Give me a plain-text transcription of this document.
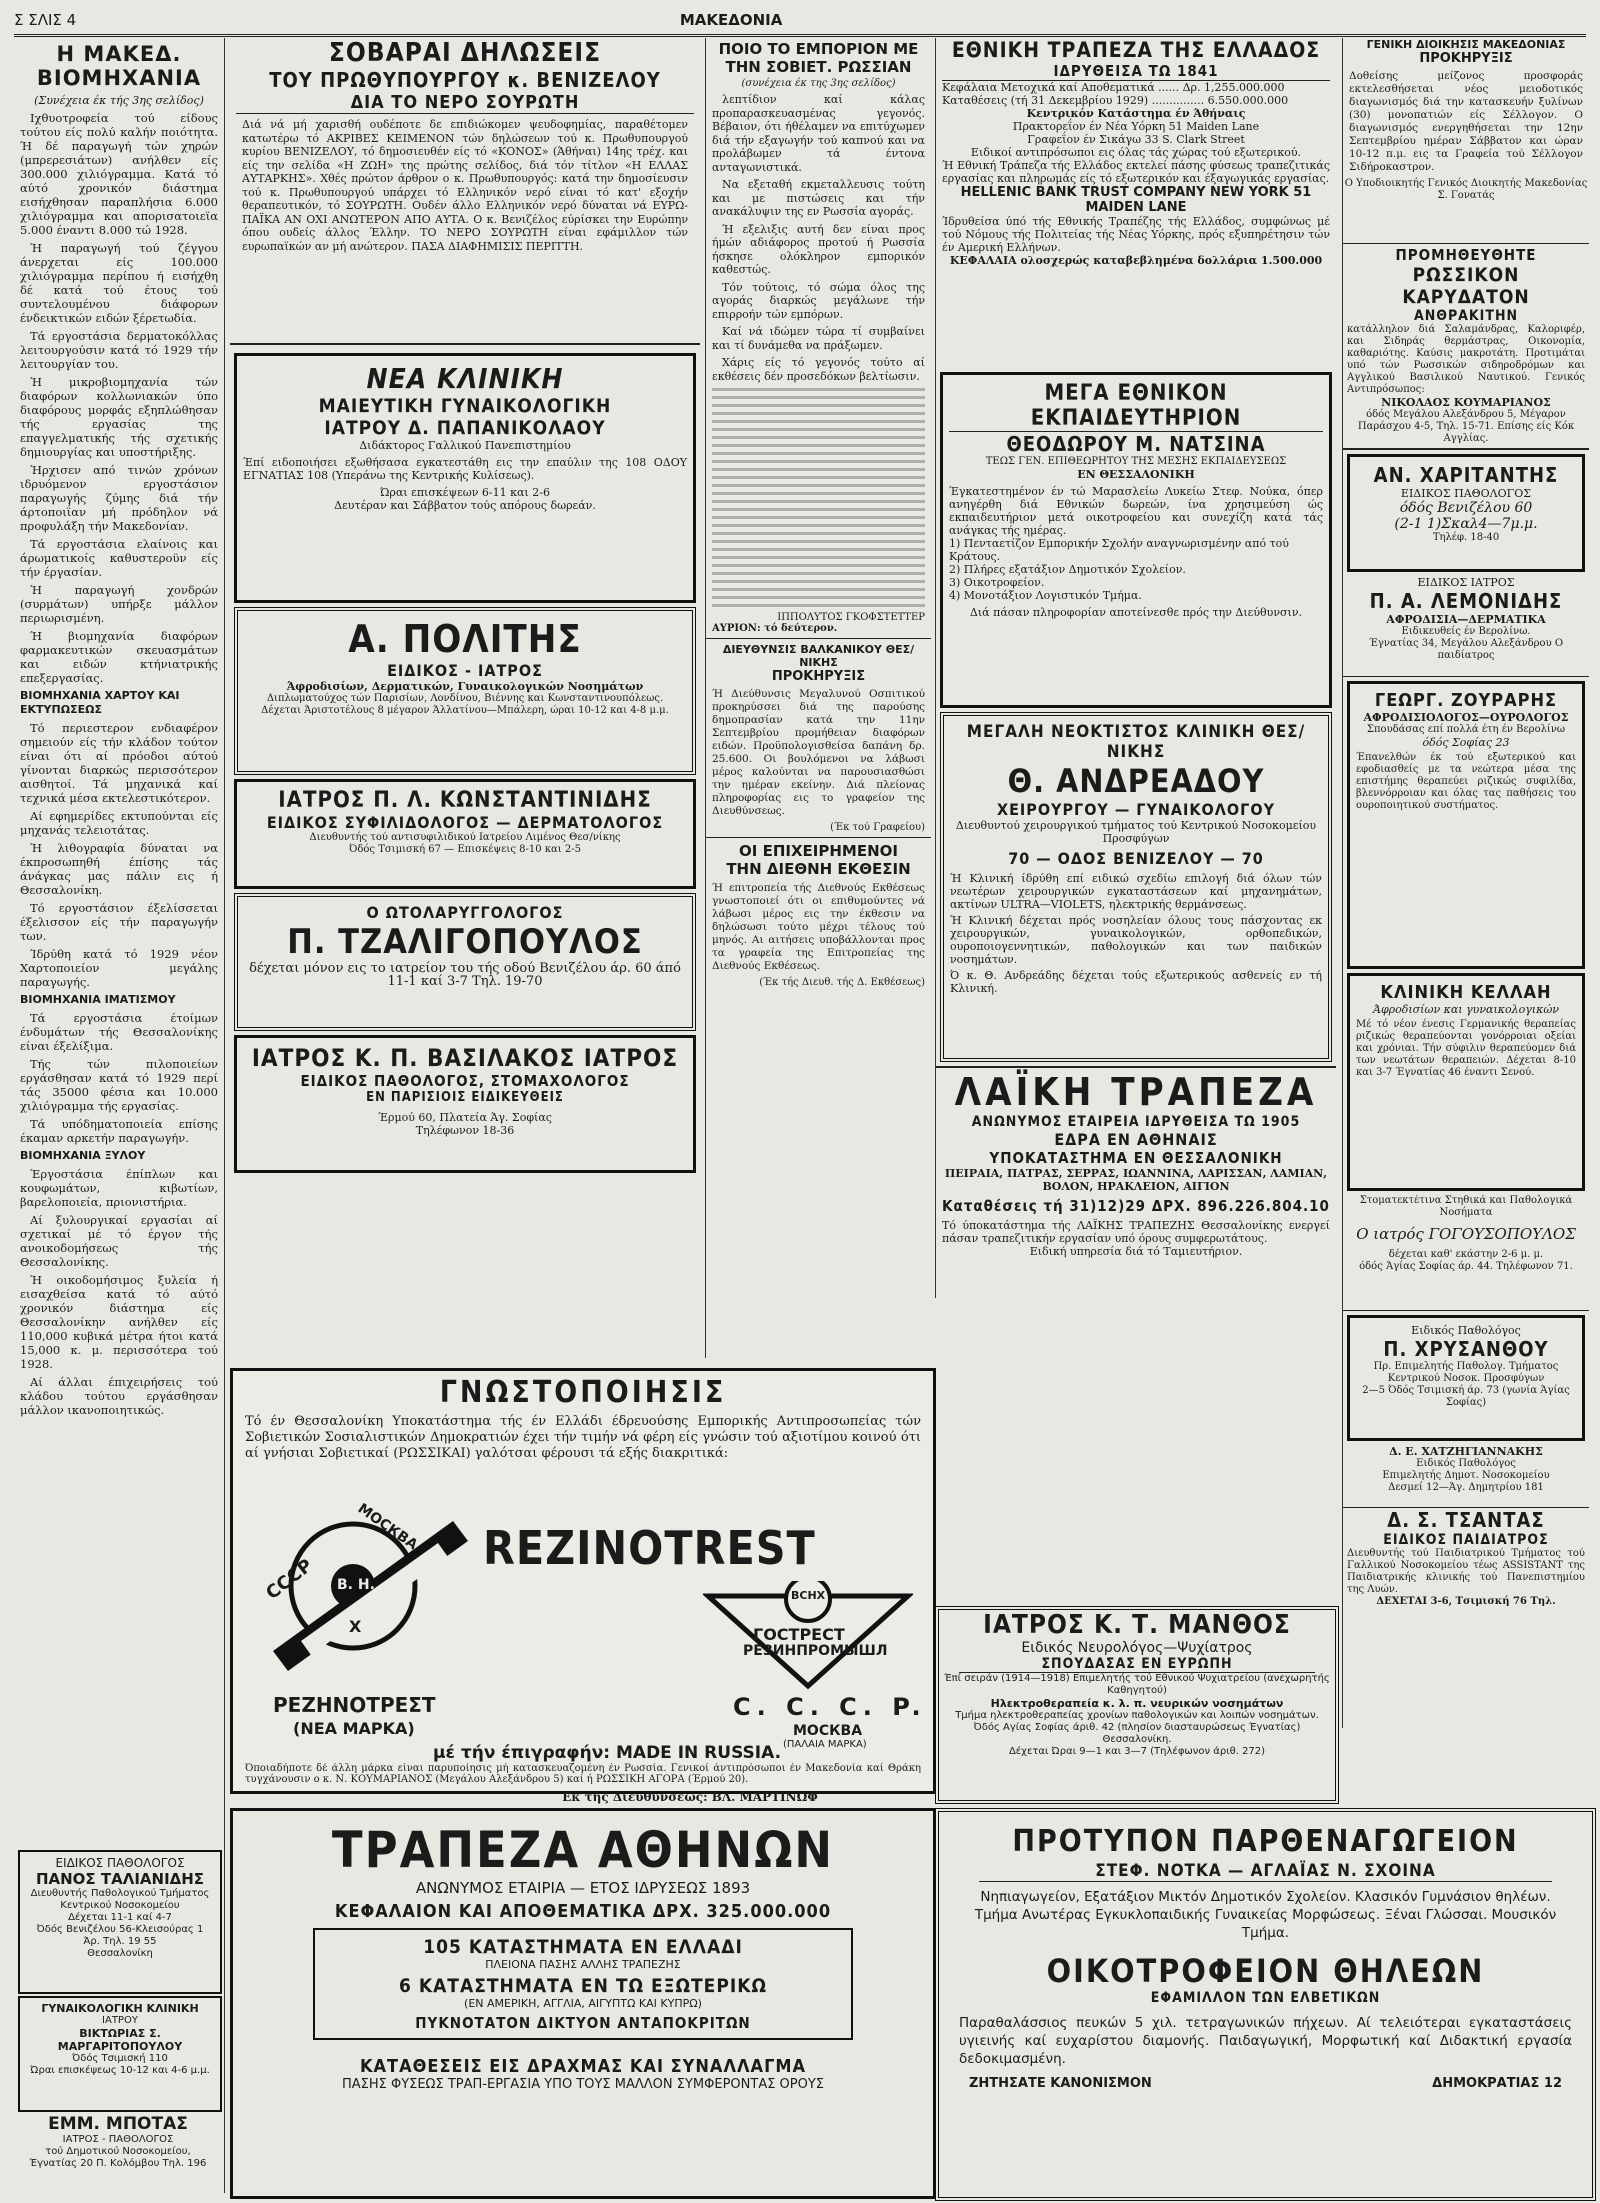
Σ ΣΛΙΣ 4	ΜΑΚΕΔΟΝΙΑ
Η ΜΑΚΕΔ. ΒΙΟΜΗΧΑΝΙΑ
(Συνέχεια έκ τής 3ης σελίδος)

Ιχθυοτροφεία τού είδους τούτου είς πολύ καλήν ποιότητα. Ή δέ παραγωγή τών χηρών (μπρερεσιάτων) ανήλθεν είς 300.000 χιλιόγραμμα. Κατά τό αύτό χρονικόν διάστημα εισήχθησαν παραπλήσια 6.000 χιλιόγραμμα και απορισατοιεϊα 5.000 έναντι 8.000 τώ 1928.

Ή παραγωγή τού ζέγγου άνερχεται είς 100.000 χιλιόγραμμα περίπου ή εισήχθη δέ κατά τού έτους τού συντελουμένου διάφορων ένδεικτικών ειδών ξέρετωδία.

Τά εργοστάσια δερματοκόλλας λειτουργούσιν κατά τό 1929 τήν λειτουργίαν του.

Ή μικροβιομηχανία τών διαφόρων κολλωνιακών ύπο διαφόρους μορφάς εξηπλώθησαν τής εργασίας της επαγγελματικής τής σχετικής δημιουργίας και υποστήριξης.

Ήρχισεν από τινών χρόνων ιδρυόμενον εργοστάσιον παραγωγής ζύμης διά τήν άρτοποιΐαν μή πρόδηλον νά προφυλάξη τήν Μακεδονίαν.

Τά εργοστάσια ελαίνοις και άρωματικοίς καθυστεροϋν είς τήν έργασίαν.

Ή παραγωγή χονδρών (συρμάτων) υπήρξε μάλλον περιωρισμένη.

Ή βιομηχανία διαφόρων φαρμακευτικών σκευασμάτων και ειδών κτήνιατρικής επεξεργασίας.

ΒΙΟΜΗΧΑΝΙΑ ΧΑΡΤΟΥ ΚΑΙ ΕΚΤΥΠΩΣΕΩΣ

Τό περιεστερον ενδιαφέρον σημειούν είς τήν κλάδον τούτον είναι ότι αί πρόοδοι αύτού γίνονται διαρκώς περισσότερον αισθητοί. Τά μηχανικά καί τεχνικά μέσα εκτελεστικότερον.

Αί εφημερίδες εκτυπούνται είς μηχανάς τελειοτάτας.

Ή λιθογραφία δύναται να έκπροσωπηθή έπίσης τάς άνάγκας μας πάλιν εις ή Θεσσαλονίκη.

Τό εργοστάσιον έξελίσσεται έξελισσον είς τήν παραγωγήν των.

Ίδρύθη κατά τό 1929 νέον Χαρτοποιείον μεγάλης παραγωγής.

ΒΙΟΜΗΧΑΝΙΑ ΙΜΑΤΙΣΜΟΥ

Τά εργοστάσια έτοίμων ένδυμάτων τής Θεσσαλονίκης είναι έξελίξιμα.

Τής τών πιλοποιείων εργάσθησαν κατά τό 1929 περί τάς 35000 φέσια και 10.000 χιλιόγραμμα τής εργασίας.

Τά υπόδηματοποιεία επίσης έκαμαν αρκετήν παραγωγήν.

ΒΙΟΜΗΧΑΝΙΑ ΞΥΛΟΥ

Έργοστάσια έπίπλων και κουφωμάτων, κιβωτίων, βαρελοποιεία, πριονιστήρια.

Αί ξυλουργικαί εργασίαι αί σχετικαί μέ τό έργον τής ανοικοδομήσεως τής Θεσσαλονίκης.

Ή οικοδομήσιμος ξυλεία ή εισαχθείσα κατά τό αύτό χρονικόν διάστημα είς Θεσσαλονίκην ανήλθεν είς 110,000 κυβικά μέτρα ήτοι κατά 15,000 κ. μ. περισσότερα τού 1928.

Αί άλλαι έπιχειρήσεις τού κλάδου τούτου εργάσθησαν μάλλον ικανοποιητικώς.

ΕΙΔΙΚΟΣ ΠΑΘΟΛΟΓΟΣ
ΠΑΝΟΣ ΤΑΛΙΑΝΙΔΗΣ
Διευθυντής Παθολογικού Τμήματος Κεντρικού Νοσοκομείου
Δέχεται 11-1 καί 4-7
Όδός Βενιζέλου 56-Κλεισούρας 1
Άρ. Τηλ. 19 55
Θεσσαλονίκη
ΓΥΝΑΙΚΟΛΟΓΙΚΗ ΚΛΙΝΙΚΗ
ΙΑΤΡΟΥ
ΒΙΚΤΩΡΙΑΣ Σ. ΜΑΡΓΑΡΙΤΟΠΟΥΛΟΥ
Όδός Τσιμισκή 110
Ώραι επισκέψεως 10-12 και 4-6 μ.μ.
ΕΜΜ. ΜΠΟΤΑΣ
ΙΑΤΡΟΣ - ΠΑΘΟΛΟΓΟΣ
τού Δημοτικού Νοσοκομείου,
Έγνατίας 20 Π. Κολόμβου Τηλ. 196
ΣΟΒΑΡΑΙ ΔΗΛΩΣΕΙΣ
ΤΟΥ ΠΡΩΘΥΠΟΥΡΓΟΥ κ. ΒΕΝΙΖΕΛΟΥ
ΔΙΑ ΤΟ ΝΕΡΟ ΣΟΥΡΩΤΗ
Διά νά μή χαρισθή ουδέποτε δε επιδιώκομεν ψευδοφημίας, παραθέτομεν κατωτέρω τό ΑΚΡΙΒΕΣ ΚΕΙΜΕΝΟΝ τών δηλώσεων τού κ. Πρωθυπουργού κυρίου ΒΕΝΙΖΕΛΟΥ, τό δημοσιευθέν είς τό «ΚΟΝΟΣ» (Άθήναι) 14ης τρέχ. και είς την σελίδα «Η ΖΩΗ» της πρώτης σελίδος, διά τόν τίτλον «Η ΕΛΛΑΣ ΑΥΤΑΡΚΗΣ». Χθές πρώτον άρθρον ο κ. Πρωθυπουργός: κατά την δημοσίευσιν τού κ. Πρωθυπουργού υπάρχει τό Ελληνικόν νερό είναι τό κατ' εξοχήν θεραπευτικόν, τό ΣΟΥΡΩΤΗ. Ουδέν άλλο Ελληνικόν νερό δύναται νά ΕΥΡΩ-ΠΑΪΚΑ ΑΝ ΟΧΙ ΑΝΩΤΕΡΟΝ ΑΠΟ ΑΥΤΑ. Ο κ. Βενιζέλος εύρίσκει την Ευρώπην όπου ουδείς άλλος Έλλην. ΤΟ ΝΕΡΟ ΣΟΥΡΩΤΗ είναι εφάμιλλον τών ευρωπαϊκών αν μή ανώτερον. ΠΑΣΑ ΔΙΑΦΗΜΙΣΙΣ ΠΕΡΙΤΤΗ.
ΝΕΑ ΚΛΙΝΙΚΗ
ΜΑΙΕΥΤΙΚΗ ΓΥΝΑΙΚΟΛΟΓΙΚΗ
ΙΑΤΡΟΥ Δ. ΠΑΠΑΝΙΚΟΛΑΟΥ
Διδάκτορος Γαλλικού Πανεπιστημίου
Έπί ειδοποιήσει εξωθήσασα εγκατεστάθη εις την επαύλιν της 108 ΟΔΟΥ ΕΓΝΑΤΙΑΣ 108 (Υπεράνω της Κεντρικής Κυλίσεως).
Ώραι επισκέψεων 6-11 και 2-6
Δευτέραν και Σάββατον τούς απόρους δωρεάν.
Α. ΠΟΛΙΤΗΣ
ΕΙΔΙΚΟΣ - ΙΑΤΡΟΣ
Άφροδισίων, Δερματικών, Γυναικολογικών Νοσημάτων
Διπλωματούχος τών Παρισίων, Λονδίνου, Βιέννης και Κωνσταντινουπόλεως.
Δέχεται Άριστοτέλους 8 μέγαρον Άλλατίνου—Μπάλερη, ώραι 10-12 και 4-8 μ.μ.
ΙΑΤΡΟΣ Π. Λ. ΚΩΝΣΤΑΝΤΙΝΙΔΗΣ
ΕΙΔΙΚΟΣ ΣΥΦΙΛΙΔΟΛΟΓΟΣ — ΔΕΡΜΑΤΟΛΟΓΟΣ
Διευθυντής τού αντισυφιλιδικού Ιατρείου Λιμένος Θεσ/νίκης
Όδός Τσιμισκή 67 — Επισκέψεις 8-10 και 2-5
Ο ΩΤΟΛΑΡΥΓΓΟΛΟΓΟΣ
Π. ΤΖΑΛΙΓΟΠΟΥΛΟΣ
δέχεται μόνον εις το ιατρείον του τής οδού Βενιζέλου άρ. 60 άπό 11-1 καί 3-7 Τηλ. 19-70
ΙΑΤΡΟΣ Κ. Π. ΒΑΣΙΛΑΚΟΣ ΙΑΤΡΟΣ
ΕΙΔΙΚΟΣ ΠΑΘΟΛΟΓΟΣ, ΣΤΟΜΑΧΟΛΟΓΟΣ
ΕΝ ΠΑΡΙΣΙΟΙΣ ΕΙΔΙΚΕΥΘΕΙΣ
Έρμού 60, Πλατεία Άγ. Σοφίας
Τηλέφωνον 18-36
ΠΟΙΟ ΤΟ ΕΜΠΟΡΙΟΝ ΜΕ ΤΗΝ ΣΟΒΙΕΤ. ΡΩΣΣΙΑΝ
(συνέχεια έκ της 3ης σελίδος)

λεπτίδιον καί κάλας προπαρασκευασμένας γεγονός. Βέβαιον, ότι ήθέλαμεν να επιτύχωμεν διά τήν εξαγωγήν τού καπνού και να προλάβωμεν τά έντονα ανταγωνιστικά.

Να εξεταθή εκμεταλλευσις τούτη και με πιστώσεις και τήν ανακάλυψιν της εν Ρωσσία αγοράς.

Ή εξελιξις αυτή δεν είναι προς ήμών αδιάφορος προτού ή Ρωσσία ήσκησε ολόκληρον εμπορικόν καθεστώς.

Τόν τούτοις, τό σώμα όλος της αγοράς διαρκώς μεγάλωνε τήν επιρροήν τών εμπόρων.

Καί νά ιδώμεν τώρα τί συμβαίνει και τί δυνάμεθα να πράξωμεν.

Χάρις είς τό γεγονός τούτο αί εκθέσεις δέν προσεδόκων βελτίωσιν.

ΙΠΠΟΛΥΤΟΣ ΓΚΟΦΣΤΕΤΤΕΡ
ΑΥΡΙΟΝ: τό δεύτερον.
ΔΙΕΥΘΥΝΣΙΣ ΒΑΛΚΑΝΙΚΟΥ ΘΕΣ/ΝΙΚΗΣ
ΠΡΟΚΗΡΥΞΙΣ
Ή Διεύθυνσις Μεγαλυνού Οσπιτικού προκηρύσσει διά της παρούσης δημοπρασίαν κατά την 11ην Σεπτεμβρίου προμήθειαν διαφόρων ειδών. Προϋπολογισθείσα δαπάνη δρ. 25.600. Οι βουλόμενοι να λάβωσι μέρος καλούνται να παρουσιασθώσι την ημέραν εκείνην. Διά πλείονας πληροφορίας εις το γραφείον της Διευθύνσεως.
(Έκ τού Γραφείου)
ΟΙ ΕΠΙΧΕΙΡΗΜΕΝΟΙ
ΤΗΝ ΔΙΕΘΝΗ ΕΚΘΕΣΙΝ
Ή επιτροπεία τής Διεθνούς Εκθέσεως γνωστοποιεί ότι οι επιθυμούντες νά λάβωσι μέρος εις την έκθεσιν να δηλώσωσι τούτο μέχρι τέλους τού μηνός. Αι αιτήσεις υποβάλλονται προς τα γραφεία της Επιτροπείας της Διεθνούς Εκθέσεως.
(Έκ τής Διευθ. τής Δ. Εκθέσεως)
ΕΘΝΙΚΗ ΤΡΑΠΕΖΑ ΤΗΣ ΕΛΛΑΔΟΣ
ΙΔΡΥΘΕΙΣΑ ΤΩ 1841
Κεφάλαια Μετοχικά καί Αποθεματικά ...... Δρ. 1,255.000.000
Καταθέσεις (τή 31 Δεκεμβρίου 1929) ............... 6.550.000.000
Κεντρικόν Κατάστημα έν Άθήναις
Πρακτορεΐον έν Νέα Υόρκη 51 Maiden Lane
Γραφεΐον έν Σικάγω 33 S. Clark Street
Ειδικοί αντιπρόσωποι εις όλας τάς χώρας τού εξωτερικού.
Ή Εθνική Τράπεζα τής Ελλάδος εκτελεί πάσης φύσεως τραπεζιτικάς εργασίας και πληρωμάς είς τό εξωτερικόν και έξαγωγικάς εργασίας.
HELLENIC BANK TRUST COMPANY NEW YORK 51 MAIDEN LANE
Ίδρυθείσα ύπό τής Εθνικής Τραπέζης τής Ελλάδος, συμφώνως μέ τού Νόμους τής Πολιτείας τής Νέας Υόρκης, πρός εξυπηρέτησιν τών έν Αμερική Ελλήνων.
ΚΕΦΑΛΑΙΑ ολοσχερώς καταβεβλημένα δολλάρια 1.500.000
ΜΕΓΑ ΕΘΝΙΚΟΝ ΕΚΠΑΙΔΕΥΤΗΡΙΟΝ
ΘΕΟΔΩΡΟΥ Μ. ΝΑΤΣΙΝΑ
ΤΕΩΣ ΓΕΝ. ΕΠΙΘΕΩΡΗΤΟΥ ΤΗΣ ΜΕΣΗΣ ΕΚΠΑΙΔΕΥΣΕΩΣ
ΕΝ ΘΕΣΣΑΛΟΝΙΚΗ
Έγκατεστημένον έν τώ Μαρασλείω Λυκείω Στεφ. Νούκα, όπερ ανηγέρθη διά Εθνικών δωρεών, ίνα χρησιμεύση ώς εκπαιδευτήριον μετά οικοτροφείου και συνεχίζη κατά τάς ανάγκας τής ημέρας.
1) Πενταετίζον Εμπορικήν Σχολήν αναγνωρισμένην από τού Κράτους.
2) Πλήρες εξατάξιον Δημοτικόν Σχολείον.
3) Οικοτροφείον.
4) Μονοτάξιον Λογιστικόν Τμήμα.
Διά πάσαν πληροφορίαν αποτείνεσθε πρός την Διεύθυνσιν.
ΜΕΓΑΛΗ ΝΕΟΚΤΙΣΤΟΣ ΚΛΙΝΙΚΗ ΘΕΣ/ΝΙΚΗΣ
Θ. ΑΝΔΡΕΑΔΟΥ
ΧΕΙΡΟΥΡΓΟΥ — ΓΥΝΑΙΚΟΛΟΓΟΥ
Διευθυντού χειρουργικού τμήματος τού Κεντρικού Νοσοκομείου Προσφύγων
70 — ΟΔΟΣ ΒΕΝΙΖΕΛΟΥ — 70
Ή Κλινική ίδρύθη επί ειδικώ σχεδίω επιλογή διά όλων τών νεωτέρων χειρουργικών εγκαταστάσεων καί μηχανημάτων, ακτίνων ULTRA—VIOLETS, ηλεκτρικής θερμάνσεως.
Ή Κλινική δέχεται πρός νοσηλείαν όλους τους πάσχοντας εκ χειρουργικών, γυναικολογικών, ορθοπεδικών, ουροποιογεννητικών, παθολογικών και των παιδικών νοσημάτων.
Ό κ. Θ. Ανδρεάδης δέχεται τούς εξωτερικούς ασθενείς εν τή Κλινική.
ΛΑΪΚΗ ΤΡΑΠΕΖΑ
ΑΝΩΝΥΜΟΣ ΕΤΑΙΡΕΙΑ ΙΔΡΥΘΕΙΣΑ ΤΩ 1905
ΕΔΡΑ ΕΝ ΑΘΗΝΑΙΣ
ΥΠΟΚΑΤΑΣΤΗΜΑ ΕΝ ΘΕΣΣΑΛΟΝΙΚΗ
ΠΕΙΡΑΙΑ, ΠΑΤΡΑΣ, ΣΕΡΡΑΣ, ΙΩΑΝΝΙΝΑ, ΛΑΡΙΣΣΑΝ, ΛΑΜΙΑΝ, ΒΟΛΟΝ, ΗΡΑΚΛΕΙΟΝ, ΑΙΓΙΟΝ
Καταθέσεις τή 31)12)29 ΔΡΧ. 896.226.804.10
Τό ύποκατάστημα τής ΛΑΪΚΗΣ ΤΡΑΠΕΖΗΣ Θεσσαλονίκης ενεργεί πάσαν τραπεζιτικήν εργασίαν υπό όρους συμφερωτάτους.
Ειδική υπηρεσία διά τό Ταμιευτήριον.
ΙΑΤΡΟΣ Κ. Τ. ΜΑΝΘΟΣ
Ειδικός Νευρολόγος—Ψυχίατρος
ΣΠΟΥΔΑΣΑΣ ΕΝ ΕΥΡΩΠΗ
Έπί σειράν (1914—1918) Επιμελητής τού Εθνικού Ψυχιατρείου (ανεχωρητής Καθηγητού)
Ηλεκτροθεραπεία κ. λ. π. νευρικών νοσημάτων
Τμήμα ηλεκτροθεραπείας χρονίων παθολογικών και λοιπών νοσημάτων.
Όδός Αγίας Σοφίας άριθ. 42 (πλησίον διασταυρώσεως Έγνατίας) Θεσσαλονίκη.
Δέχεται Ώραι 9—1 και 3—7 (Τηλέφωνον άριθ. 272)
ΓΕΝΙΚΗ ΔΙΟΙΚΗΣΙΣ ΜΑΚΕΔΟΝΙΑΣ
ΠΡΟΚΗΡΥΞΙΣ
Δοθείσης μείζονος προσφοράς εκτελεσθήσεται νέος μειοδοτικός διαγωνισμός διά την κατασκευήν ξυλίνων (30) μονοπατιών είς Σέλλογον. Ο διαγωνισμός ενεργηθήσεται την 12ην Σεπτεμβρίου ημέραν Σάββατον και ώραν 10-12 π.μ. εις τα Γραφεία τού Σέλλογον Σιδήροκαστρον.
Ο Υποδιοικητής Γενικός Διοικητής Μακεδονίας Σ. Γονατάς
ΠΡΟΜΗΘΕΥΘΗΤΕ
ΡΩΣΣΙΚΟΝ ΚΑΡΥΔΑΤΟΝ
ΑΝΘΡΑΚΙΤΗΝ
κατάλληλον διά Σαλαμάνδρας, Καλοριφέρ, και Σιδηράς θερμάστρας, Οικονομία, καθαριότης. Καύσις μακροτάτη. Προτιμάται υπό τών Ρωσσικών σιδηροδρόμων και Αγγλικού Βασιλικού Ναυτικού. Γενικός Αντιπρόσωπος:
ΝΙΚΟΛΑΟΣ ΚΟΥΜΑΡΙΑΝΟΣ
όδός Μεγάλου Αλεξάνδρου 5, Μέγαρον Παράσχου 4-5, Τηλ. 15-71. Επίσης είς Κόκ Αγγλίας.
ΑΝ. ΧΑΡΙΤΑΝΤΗΣ
ΕΙΔΙΚΟΣ ΠΑΘΟΛΟΓΟΣ
όδός Βενιζέλου 60
(2-1 1)Σκαλ4—7μ.μ.
Τηλέφ. 18-40
ΕΙΔΙΚΟΣ ΙΑΤΡΟΣ
Π. Α. ΛΕΜΟΝΙΔΗΣ
ΑΦΡΟΔΙΣΙΑ—ΔΕΡΜΑΤΙΚΑ
Ειδικευθείς έν Βερολίνω.
Έγνατίας 34, Μεγάλου Αλεξάνδρου Ο παιδίατρος
ΓΕΩΡΓ. ΖΟΥΡΑΡΗΣ
ΑΦΡΟΔΙΣΙΟΛΟΓΟΣ—ΟΥΡΟΛΟΓΟΣ
Σπουδάσας επί πολλά έτη έν Βερολίνω
όδός Σοφίας 23
Έπανελθών έκ τού εξωτερικού και εφοδιασθείς με τα νεώτερα μέσα της επιστήμης θεραπεύει ριζικώς συφιλίδα, βλεννόρροιαν και όλας τας παθήσεις του ουροποιητικού συστήματος.
ΚΛΙΝΙΚΗ ΚΕΛΛΑΗ
Άφροδισίων και γυναικολογικών
Μέ τό νέον ένεσις Γερμανικής θεραπείας ριζικώς θεραπεύονται γονόρροιαι οξείαι και χρόνιαι. Τήν σύφιλιν θεραπεύομεν διά των νεωτάτων θεραπειών. Δέχεται 8-10 και 3-7 Έγνατίας 46 έναντι Σενού.
Στοματεκτέτινα Στηθικά και Παθολογικά Νοσήματα
Ο ιατρός ΓΟΓΟΥΣΟΠΟΥΛΟΣ
δέχεται καθ' εκάστην 2-6 μ. μ.
όδός Άγίας Σοφίας άρ. 44. Τηλέφωνον 71.
Ειδικός Παθολόγος
Π. ΧΡΥΣΑΝΘΟΥ
Πρ. Επιμελητής Παθολογ. Τμήματος Κεντρικού Νοσοκ. Προσφύγων
2—5 Όδός Τσιμισκή άρ. 73 (γωνία Άγίας Σοφίας)
Δ. Ε. ΧΑΤΖΗΓΙΑΝΝΑΚΗΣ
Ειδικός Παθολόγος
Επιμελητής Δημοτ. Νοσοκομείου
Δεσμεί 12—Άγ. Δημητρίου 181
Δ. Σ. ΤΣΑΝΤΑΣ
ΕΙΔΙΚΟΣ ΠΑΙΔΙΑΤΡΟΣ
Διευθυντής τού Παιδιατρικού Τμήματος τού Γαλλικού Νοσοκομείου τέως ASSISTANT της Παιδιατρικής κλινικής τού Πανεπιστημίου της Λυών.
ΔΕΧΕΤΑΙ 3-6, Τσιμισκή 76 Τηλ.
ΓΝΩΣΤΟΠΟΙΗΣΙΣ
Τό έν Θεσσαλονίκη Υποκατάστημα τής έν Ελλάδι έδρευούσης Εμπορικής Αντιπροσωπείας τών Σοβιετικών Σοσιαλιστικών Δημοκρατιών έχει τήν τιμήν νά φέρη είς γνώσιν τού αξιοτίμου κοινού ότι αί γνήσιαι Σοβιετικαί (ΡΩΣΣΙΚΑΙ) γαλότσαι φέρουσι τά εξής διακριτικά:
CCCP
МОСКВА
B. H.
X
ΡΕΖΗΝΟΤΡΕΣΤ
(ΝΕΑ ΜΑΡΚΑ)
REZINOTREST
ВСНХ
ГОСТРЕСТ
РЕЗИНПРОМЫШЛ
C. C. C. P.
МОСКВА
(ΠΑΛΑΙΑ ΜΑΡΚΑ)
μέ τήν έπιγραφήν: MADE IN RUSSIA.
Όποιαδήποτε δέ άλλη μάρκα είναι παρυποίησις μή κατασκευαζομένη έν Ρωσσία. Γενικοί άντιπρόσωποι έν Μακεδονία καί Θράκη τυγχάνουσιν ο κ. Ν. ΚΟΥΜΑΡΙΑΝΟΣ (Μεγάλου Αλεξάνδρου 5) καί ή ΡΩΣΣΙΚΗ ΑΓΟΡΑ (Έρμού 20).
Έκ τής Διευθύνσεως: ΒΛ. ΜΑΡΤΙΝΩΦ
ΤΡΑΠΕΖΑ ΑΘΗΝΩΝ
ΑΝΩΝΥΜΟΣ ΕΤΑΙΡΙΑ — ΕΤΟΣ ΙΔΡΥΣΕΩΣ 1893
ΚΕΦΑΛΑΙΟΝ ΚΑΙ ΑΠΟΘΕΜΑΤΙΚΑ ΔΡΧ. 325.000.000
105 ΚΑΤΑΣΤΗΜΑΤΑ ΕΝ ΕΛΛΑΔΙ
ΠΛΕΙΟΝΑ ΠΑΣΗΣ ΑΛΛΗΣ ΤΡΑΠΕΖΗΣ
6 ΚΑΤΑΣΤΗΜΑΤΑ ΕΝ ΤΩ ΕΞΩΤΕΡΙΚΩ
(ΕΝ ΑΜΕΡΙΚΗ, ΑΓΓΛΙΑ, ΑΙΓΥΠΤΩ ΚΑΙ ΚΥΠΡΩ)
ΠΥΚΝΟΤΑΤΟΝ ΔΙΚΤΥΟΝ ΑΝΤΑΠΟΚΡΙΤΩΝ
ΚΑΤΑΘΕΣΕΙΣ ΕΙΣ ΔΡΑΧΜΑΣ ΚΑΙ ΣΥΝΑΛΛΑΓΜΑ
ΠΑΣΗΣ ΦΥΣΕΩΣ ΤΡΑΠ-ΕΡΓΑΣΙΑ ΥΠΟ ΤΟΥΣ ΜΑΛΛΟΝ ΣΥΜΦΕΡΟΝΤΑΣ ΟΡΟΥΣ
ΠΡΟΤΥΠΟΝ ΠΑΡΘΕΝΑΓΩΓΕΙΟΝ
ΣΤΕΦ. ΝΟΤΚΑ — ΑΓΛΑΪΑΣ Ν. ΣΧΟΙΝΑ
Νηπιαγωγείον, Εξατάξιον Μικτόν Δημοτικόν Σχολείον. Κλασικόν Γυμνάσιον θηλέων. Τμήμα Ανωτέρας Εγκυκλοπαιδικής Γυναικείας Μορφώσεως. Ξέναι Γλώσσαι. Μουσικόν Τμήμα.
ΟΙΚΟΤΡΟΦΕΙΟΝ ΘΗΛΕΩΝ
ΕΦΑΜΙΛΛΟΝ ΤΩΝ ΕΛΒΕΤΙΚΩΝ
Παραθαλάσσιος πευκών 5 χιλ. τετραγωνικών πήχεων. Αί τελειότεραι εγκαταστάσεις υγιεινής καί ευχαρίστου διαμονής. Παιδαγωγική, Μορφωτική καί Διδακτική εργασία δεδοκιμασμένη.
ΖΗΤΗΣΑΤΕ ΚΑΝΟΝΙΣΜΟΝ	ΔΗΜΟΚΡΑΤΙΑΣ 12
